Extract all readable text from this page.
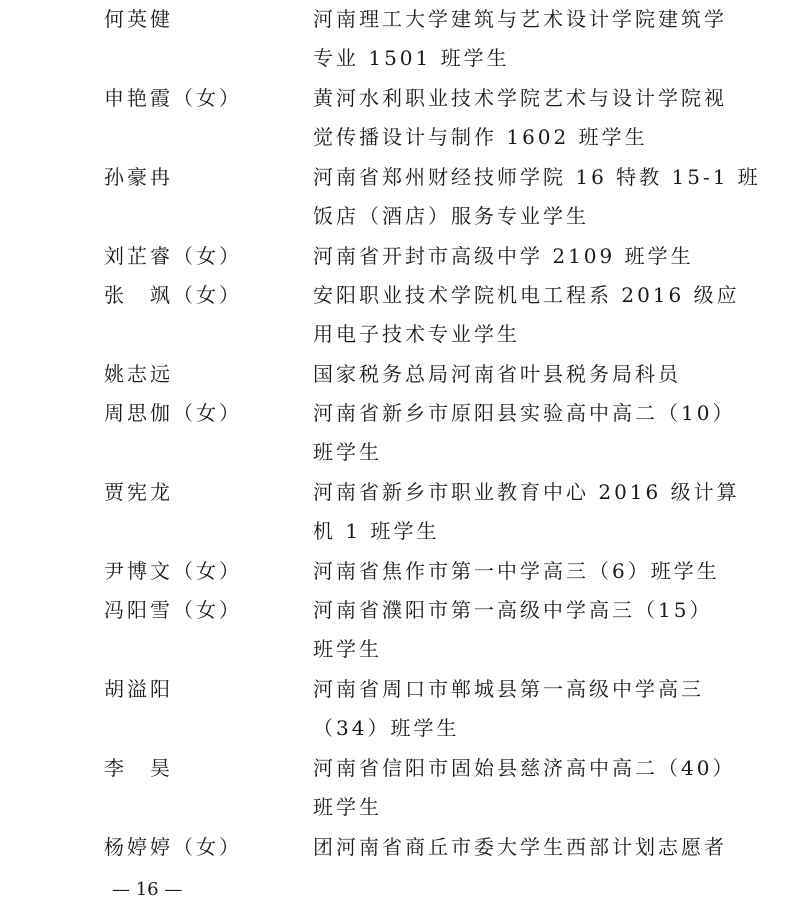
何英健	河南理工大学建筑与艺术设计学院建筑学
专业 1501 班学生
申艳霞（女）	黄河水利职业技术学院艺术与设计学院视
觉传播设计与制作 1602 班学生
孙豪冉	河南省郑州财经技师学院 16 特教 15-1 班
饭店（酒店）服务专业学生
刘芷睿（女）	河南省开封市高级中学 2109 班学生
张　飒（女）	安阳职业技术学院机电工程系 2016 级应
用电子技术专业学生
姚志远	国家税务总局河南省叶县税务局科员
周思伽（女）	河南省新乡市原阳县实验高中高二（10）
班学生
贾宪龙	河南省新乡市职业教育中心 2016 级计算
机 1 班学生
尹博文（女）	河南省焦作市第一中学高三（6）班学生
冯阳雪（女）	河南省濮阳市第一高级中学高三（15）
班学生
胡溢阳	河南省周口市郸城县第一高级中学高三
（34）班学生
李　昊	河南省信阳市固始县慈济高中高二（40）
班学生
杨婷婷（女）	团河南省商丘市委大学生西部计划志愿者
— 16 —
